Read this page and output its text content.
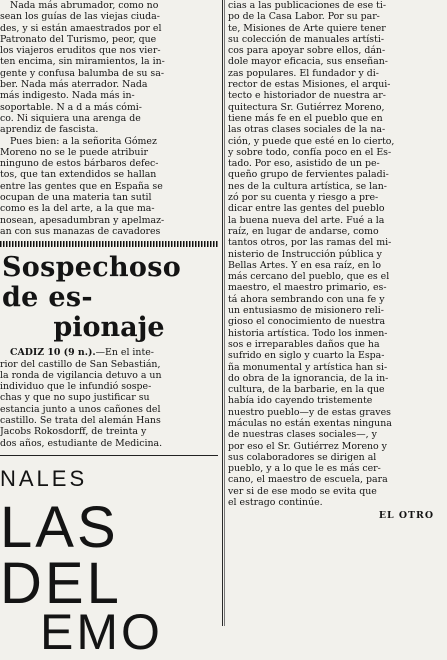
Nada más abrumador, como no
sean los guías de las viejas ciuda-
des, y si están amaestrados por el
Patronato del Turismo, peor, que
los viajeros eruditos que nos vier-
ten encima, sin miramientos, la in-
gente y confusa balumba de su sa-
ber. Nada más aterrador. Nada
más indigesto. Nada más in-
soportable. N a d a más cómi-
co. Ni siquiera una arenga de
aprendiz de fascista.
Pues bien: a la señorita Gómez
Moreno no se le puede atribuir
ninguno de estos bárbaros defec-
tos, que tan extendidos se hallan
entre las gentes que en España se
ocupan de una materia tan sutil
como es la del arte, a la que ma-
nosean, apesadumbran y apelmaz-
an con sus manazas de cavadores
Sospechoso de es-
pionaje
CADIZ 10 (9 n.).—En el inte-
rior del castillo de San Sebastián,
la ronda de vigilancia detuvo a un
individuo que le infundió sospe-
chas y que no supo justificar su
estancia junto a unos cañones del
castillo. Se trata del alemán Hans
Jacobs Rokosdorff, de treinta y
dos años, estudiante de Medicina.
NALES
LAS DEL
EMO
cias a las publicaciones de ese ti-
po de la Casa Labor. Por su par-
te, Misiones de Arte quiere tener
su colección de manuales artísti-
cos para apoyar sobre ellos, dán-
dole mayor eficacia, sus enseñan-
zas populares. El fundador y di-
rector de estas Misiones, el arqui-
tecto e historiador de nuestra ar-
quitectura Sr. Gutiérrez Moreno,
tiene más fe en el pueblo que en
las otras clases sociales de la na-
ción, y puede que esté en lo cierto,
y sobre todo, confía poco en el Es-
tado. Por eso, asistido de un pe-
queño grupo de fervientes paladi-
nes de la cultura artística, se lan-
zó por su cuenta y riesgo a pre-
dicar entre las gentes del pueblo
la buena nueva del arte. Fué a la
raíz, en lugar de andarse, como
tantos otros, por las ramas del mi-
nisterio de Instrucción pública y
Bellas Artes. Y en esa raíz, en lo
más cercano del pueblo, que es el
maestro, el maestro primario, es-
tá ahora sembrando con una fe y
un entusiasmo de misionero reli-
gioso el conocimiento de nuestra
historia artística. Todo los inmen-
sos e irreparables daños que ha
sufrido en siglo y cuarto la Espa-
ña monumental y artística han si-
do obra de la ignorancia, de la in-
cultura, de la barbarie, en la que
había ido cayendo tristemente
nuestro pueblo—y de estas graves
máculas no están exentas ninguna
de nuestras clases sociales—, y
por eso el Sr. Gutiérrez Moreno y
sus colaboradores se dirigen al
pueblo, y a lo que le es más cer-
cano, el maestro de escuela, para
ver si de ese modo se evita que
el estrago continúe.
EL OTRO
